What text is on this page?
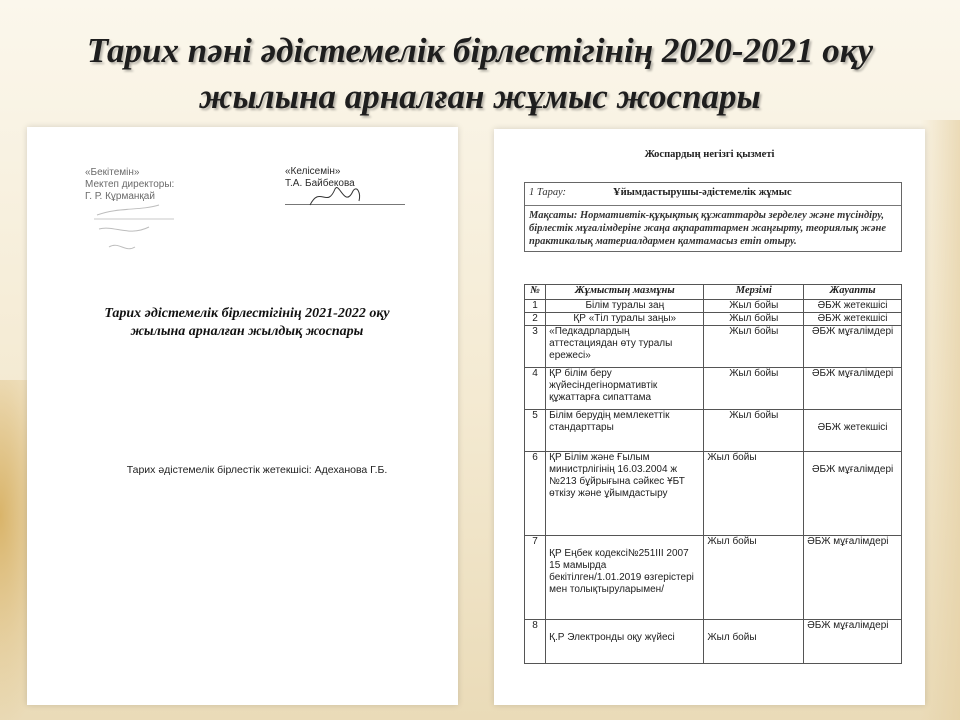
Тарих пәні әдістемелік бірлестігінің 2020-2021 оқу
жылына арналған жұмыс жоспары
«Бекітемін»
Мектеп директоры:
Г. Р. Кұрманқай
«Келісемін»
Т.А. Байбекова
Тарих әдістемелік бірлестігінің 2021-2022 оқу
жылына арналған жылдық жоспары
Тарих әдістемелік бірлестік жетекшісі: Адеханова Г.Б.
Жоспардың негізгі қызметі
1 Тарау:	Ұйымдастырушы-әдістемелік жұмыс
Мақсаты: Нормативтік-құқықтық құжаттарды зерделеу және түсіндіру, бірлестік мұғалімдеріне жаңа ақпараттармен жаңғырту, теориялық және практикалық материалдармен қамтамасыз етіп отыру.
№	Жұмыстың мазмұны	Мерзімі	Жауапты
1	Білім туралы заң	Жыл бойы	ӘБЖ жетекшісі
2	ҚР «Тіл туралы заңы»	Жыл бойы	ӘБЖ жетекшісі
3	«Педкадрлардың аттестациядан өту туралы ережесі»	Жыл бойы	ӘБЖ мұғалімдері
4	ҚР білім беру жүйесіндегінормативтік құжаттарға сипаттама	Жыл бойы	ӘБЖ мұғалімдері
5	Білім берудің мемлекеттік стандарттары	Жыл бойы	ӘБЖ жетекшісі
6	ҚР Білім және Ғылым министрлігінің 16.03.2004 ж №213 бұйрығына сәйкес ҰБТ өткізу және ұйымдастыру	Жыл бойы	ӘБЖ мұғалімдері
7	ҚР Еңбек кодексі№251ІІІ 2007 15 мамырда бекітілген/1.01.2019 өзгерістері мен толықтыруларымен/	Жыл бойы	ӘБЖ мұғалімдері
8	Қ.Р Электронды оқу жүйесі	Жыл бойы	ӘБЖ мұғалімдері
